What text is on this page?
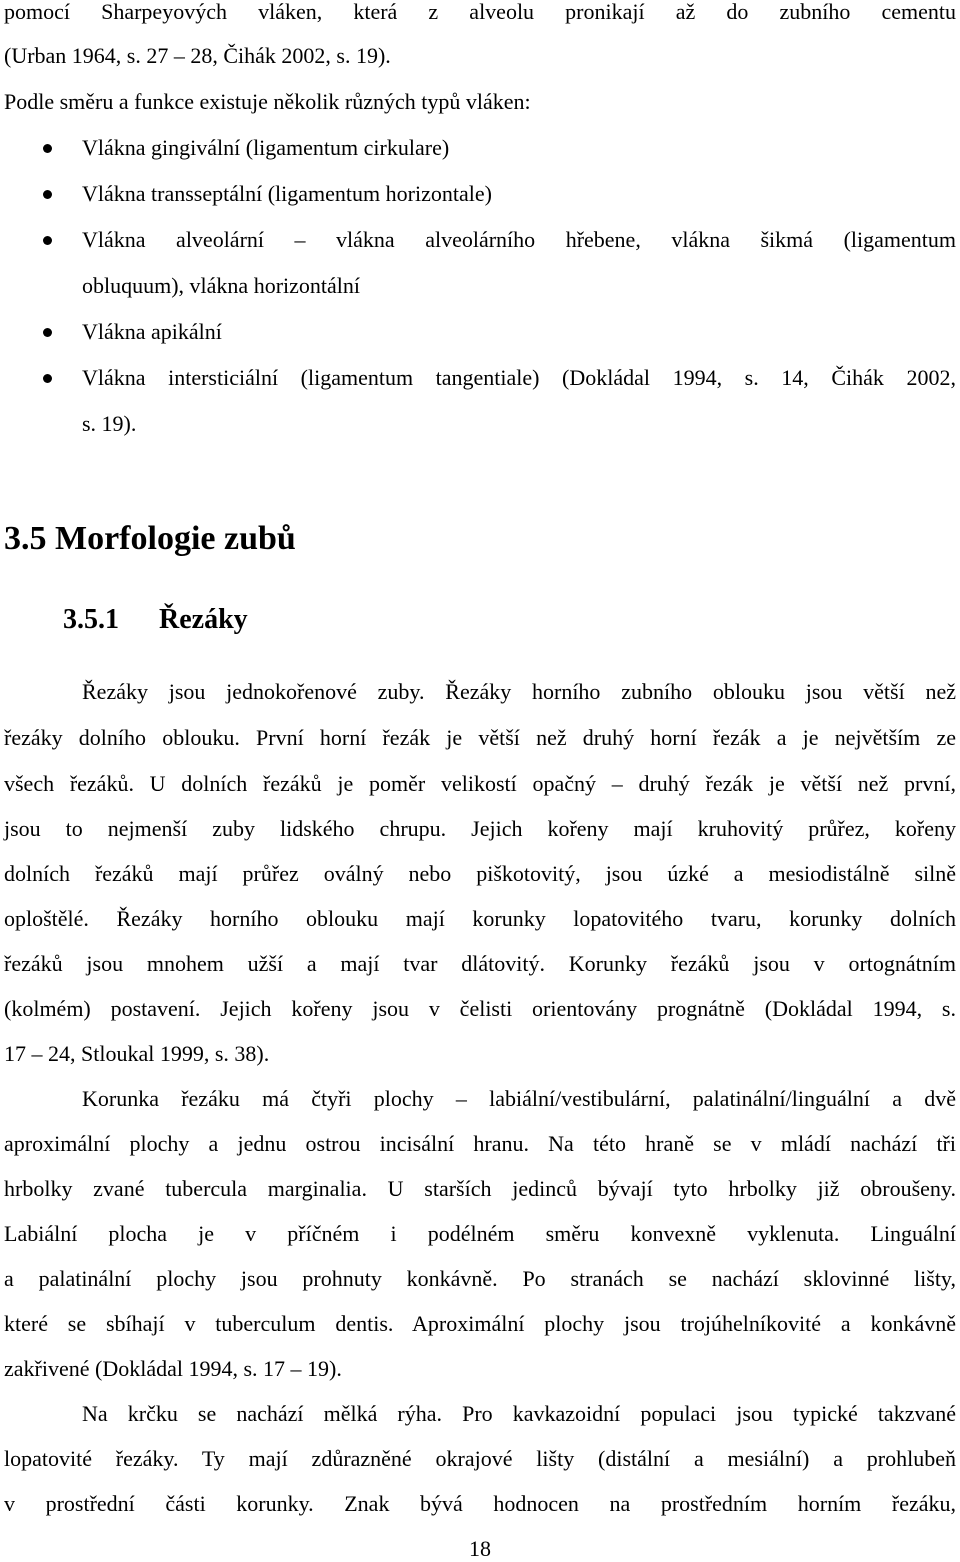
pomocí Sharpeyových vláken, která z alveolu pronikají až do zubního cementu
(Urban 1964, s. 27 – 28, Čihák 2002, s. 19).
Podle směru a funkce existuje několik různých typů vláken:
Vlákna gingivální (ligamentum cirkulare)
Vlákna transseptální (ligamentum horizontale)
Vlákna alveolární – vlákna alveolárního hřebene, vlákna šikmá (ligamentum
obluquum), vlákna horizontální
Vlákna apikální
Vlákna intersticiální (ligamentum tangentiale) (Dokládal 1994, s. 14, Čihák 2002,
s. 19).
3.5 Morfologie zubů
3.5.1 Řezáky
Řezáky jsou jednokořenové zuby. Řezáky horního zubního oblouku jsou větší než
řezáky dolního oblouku. První horní řezák je větší než druhý horní řezák a je největším ze
všech řezáků. U dolních řezáků je poměr velikostí opačný – druhý řezák je větší než první,
jsou to nejmenší zuby lidského chrupu. Jejich kořeny mají kruhovitý průřez, kořeny
dolních řezáků mají průřez oválný nebo piškotovitý, jsou úzké a mesiodistálně silně
oploštělé. Řezáky horního oblouku mají korunky lopatovitého tvaru, korunky dolních
řezáků jsou mnohem užší a mají tvar dlátovitý. Korunky řezáků jsou v ortognátním
(kolmém) postavení. Jejich kořeny jsou v čelisti orientovány prognátně (Dokládal 1994, s.
17 – 24, Stloukal 1999, s. 38).
Korunka řezáku má čtyři plochy – labiální/vestibulární, palatinální/linguální a dvě
aproximální plochy a jednu ostrou incisální hranu. Na této hraně se v mládí nachází tři
hrbolky zvané tubercula marginalia. U starších jedinců bývají tyto hrbolky již obroušeny.
Labiální plocha je v příčném i podélném směru konvexně vyklenuta. Linguální
a palatinální plochy jsou prohnuty konkávně. Po stranách se nachází sklovinné lišty,
které se sbíhají v tuberculum dentis. Aproximální plochy jsou trojúhelníkovité a konkávně
zakřivené (Dokládal 1994, s. 17 – 19).
Na krčku se nachází mělká rýha. Pro kavkazoidní populaci jsou typické takzvané
lopatovité řezáky. Ty mají zdůrazněné okrajové lišty (distální a mesiální) a prohlubeň
v prostřední části korunky. Znak bývá hodnocen na prostředním horním řezáku,
18
